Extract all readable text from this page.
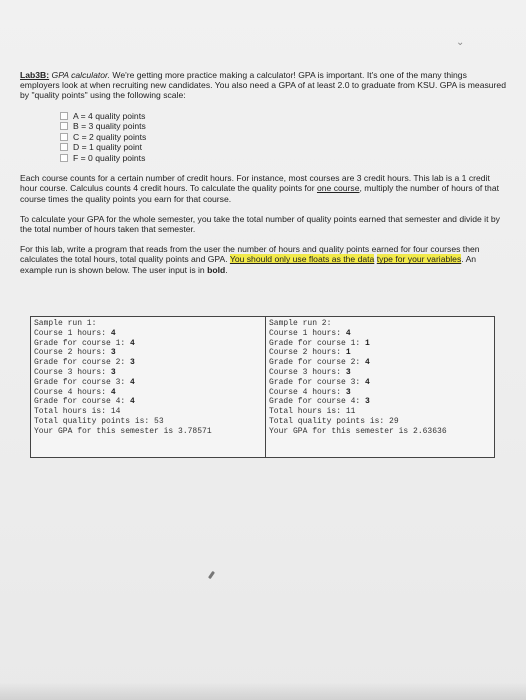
⌄

Lab3B: GPA calculator. We're getting more practice making a calculator! GPA is important. It's one of the many things employers look at when recruiting new candidates. You also need a GPA of at least 2.0 to graduate from KSU. GPA is measured by "quality points" using the following scale:

A = 4 quality points
B = 3 quality points
C = 2 quality points
D = 1 quality point
F = 0 quality points

Each course counts for a certain number of credit hours. For instance, most courses are 3 credit hours. This lab is a 1 credit hour course. Calculus counts 4 credit hours. To calculate the quality points for one course, multiply the number of hours of that course times the quality points you earn for that course.

To calculate your GPA for the whole semester, you take the total number of quality points earned that semester and divide it by the total number of hours taken that semester.

For this lab, write a program that reads from the user the number of hours and quality points earned for four courses then calculates the total hours, total quality points and GPA. You should only use floats as the data type for your variables. An example run is shown below. The user input is in bold.

Sample run 1:
Course 1 hours: 4
Grade for course 1: 4
Course 2 hours: 3
Grade for course 2: 3
Course 3 hours: 3
Grade for course 3: 4
Course 4 hours: 4
Grade for course 4: 4
Total hours is: 14
Total quality points is: 53
Your GPA for this semester is 3.78571
Sample run 2:
Course 1 hours: 4
Grade for course 1: 1
Course 2 hours: 1
Grade for course 2: 4
Course 3 hours: 3
Grade for course 3: 4
Course 4 hours: 3
Grade for course 4: 3
Total hours is: 11
Total quality points is: 29
Your GPA for this semester is 2.63636
